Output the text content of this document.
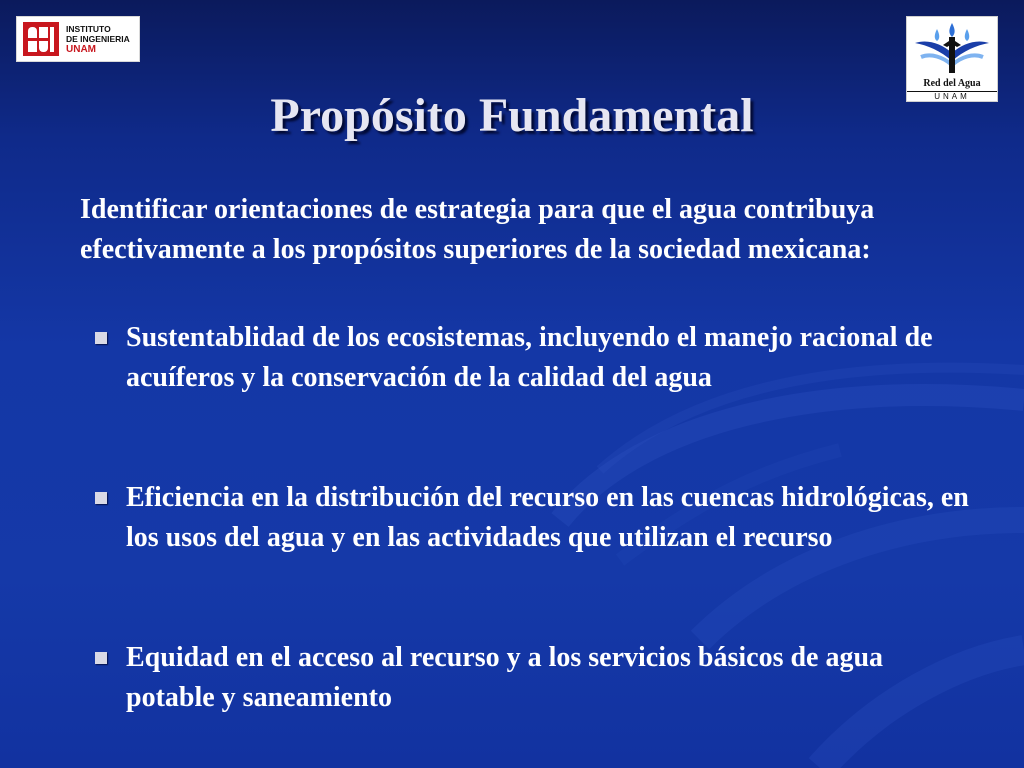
INSTITUTO
DE INGENIERIA
UNAM
Red del Agua
UNAM
Propósito Fundamental

Identificar orientaciones de estrategia para que el agua contribuya efectivamente a los propósitos superiores de la sociedad mexicana:

Sustentablidad de los ecosistemas, incluyendo el manejo racional de acuíferos y la conservación de la calidad del agua
Eficiencia en la distribución del recurso en las cuencas hidrológicas, en los usos del agua y en las actividades que utilizan el recurso
Equidad en el acceso al recurso y a los servicios básicos de agua potable y saneamiento
